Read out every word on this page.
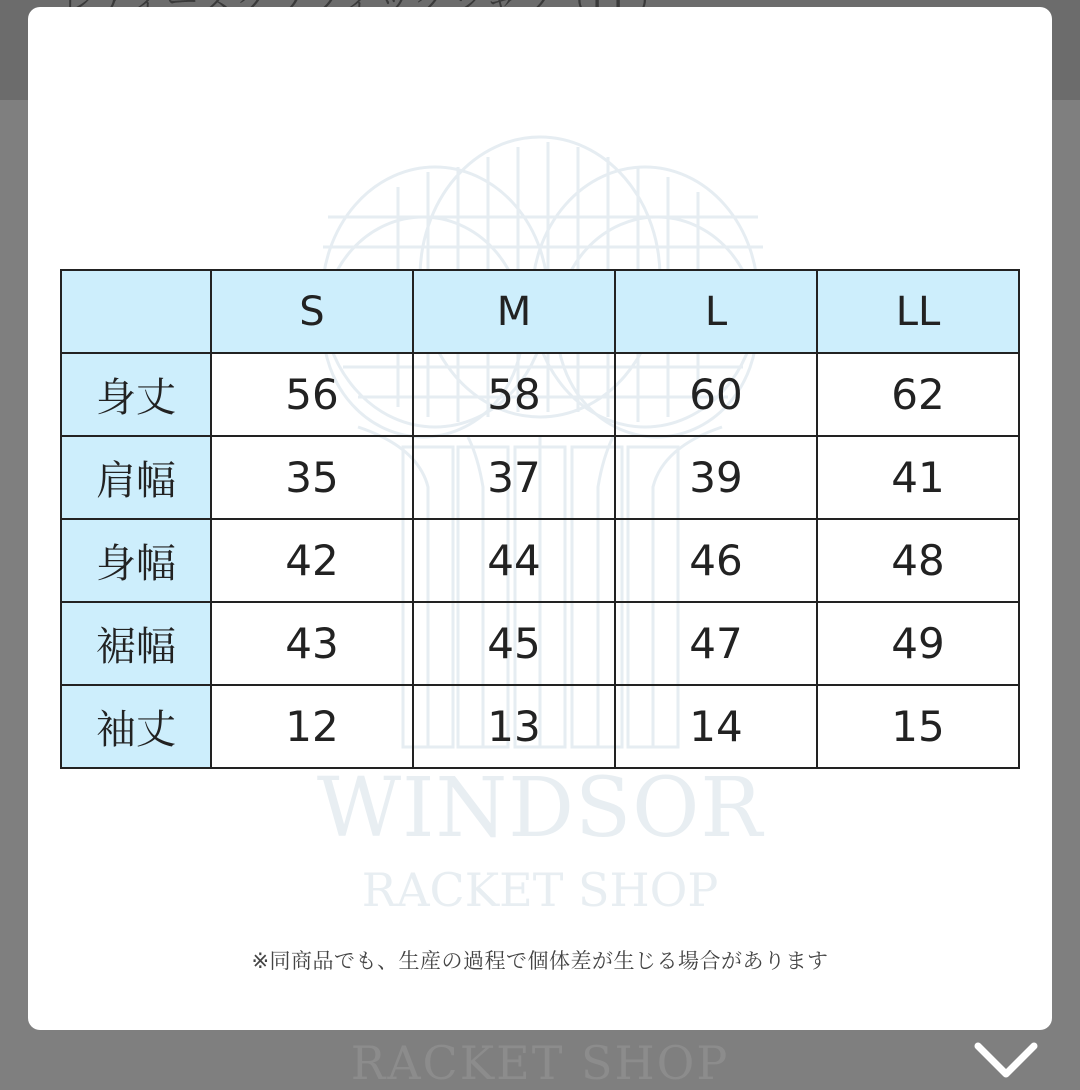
RACKET SHOP
WINDSOR
RACKET SHOP
	S	M	L	LL
身丈	56	58	60	62
肩幅	35	37	39	41
身幅	42	44	46	48
裾幅	43	45	47	49
袖丈	12	13	14	15
※同商品でも、生産の過程で個体差が生じる場合があります
